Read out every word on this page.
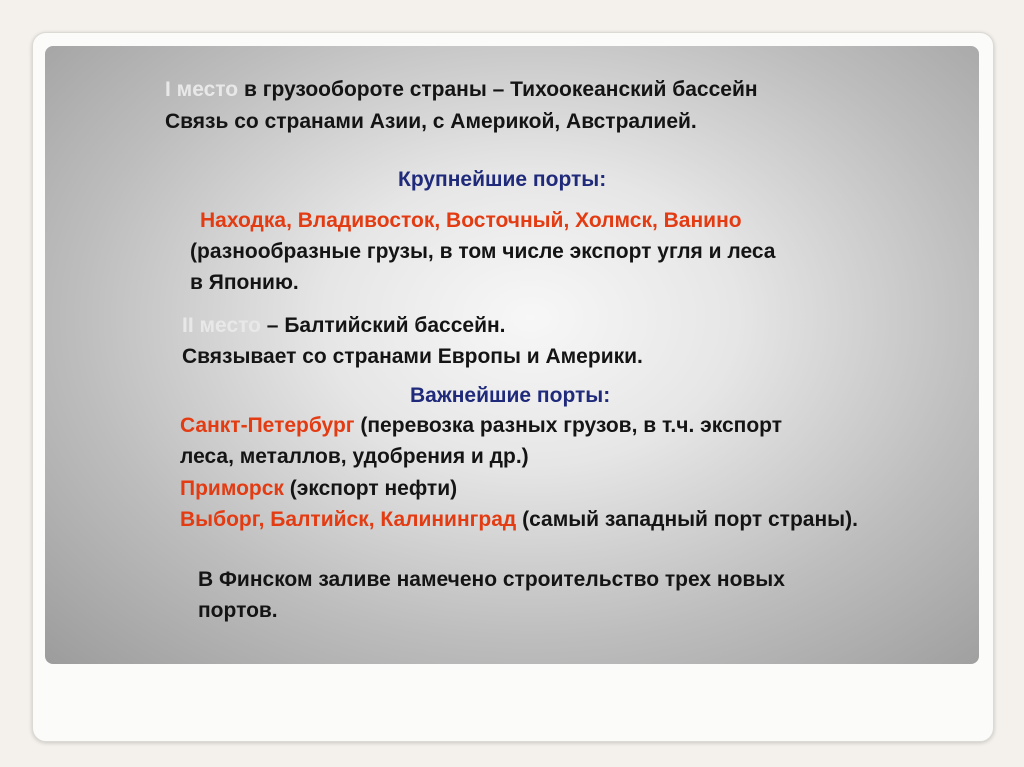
I место в грузообороте страны – Тихоокеанский бассейн

Связь со странами Азии, с Америкой, Австралией.

Крупнейшие порты:

Находка, Владивосток, Восточный, Холмск, Ванино

(разнообразные грузы, в том числе экспорт угля и леса

в Японию.

II место – Балтийский бассейн.

Связывает со странами Европы и Америки.

Важнейшие порты:

Санкт-Петербург (перевозка разных грузов, в т.ч. экспорт

леса, металлов, удобрения и др.)

Приморск (экспорт нефти)

Выборг, Балтийск, Калининград (самый западный порт страны).

В Финском заливе намечено строительство трех новых

портов.
